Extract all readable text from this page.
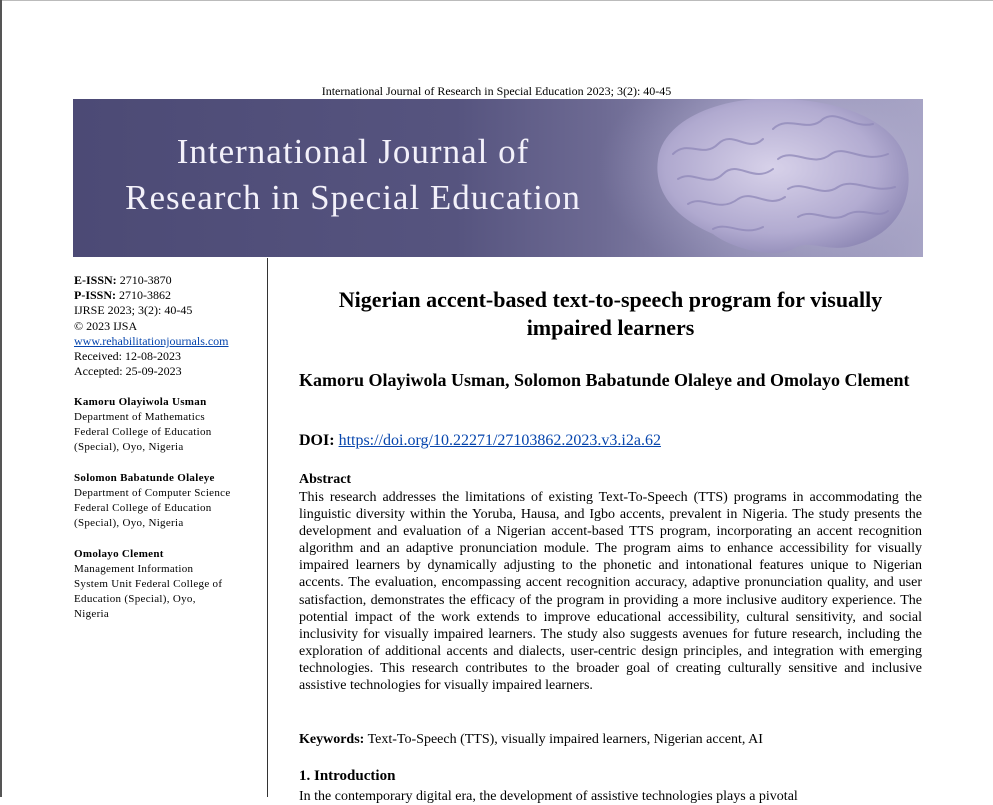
International Journal of Research in Special Education 2023; 3(2): 40-45
International Journal of
Research in Special Education
E-ISSN: 2710-3870
P-ISSN: 2710-3862
IJRSE 2023; 3(2): 40-45
© 2023 IJSA
www.rehabilitationjournals.com
Received: 12-08-2023
Accepted: 25-09-2023
Kamoru Olayiwola Usman
Department of Mathematics
Federal College of Education
(Special), Oyo, Nigeria
Solomon Babatunde Olaleye
Department of Computer Science
Federal College of Education
(Special), Oyo, Nigeria
Omolayo Clement
Management Information
System Unit Federal College of
Education (Special), Oyo,
Nigeria
Nigerian accent-based text-to-speech program for visually impaired learners
Kamoru Olayiwola Usman, Solomon Babatunde Olaleye and Omolayo Clement
DOI: https://doi.org/10.22271/27103862.2023.v3.i2a.62
Abstract
This research addresses the limitations of existing Text-To-Speech (TTS) programs in accommodating the linguistic diversity within the Yoruba, Hausa, and Igbo accents, prevalent in Nigeria. The study presents the development and evaluation of a Nigerian accent-based TTS program, incorporating an accent recognition algorithm and an adaptive pronunciation module. The program aims to enhance accessibility for visually impaired learners by dynamically adjusting to the phonetic and intonational features unique to Nigerian accents. The evaluation, encompassing accent recognition accuracy, adaptive pronunciation quality, and user satisfaction, demonstrates the efficacy of the program in providing a more inclusive auditory experience. The potential impact of the work extends to improve educational accessibility, cultural sensitivity, and social inclusivity for visually impaired learners. The study also suggests avenues for future research, including the exploration of additional accents and dialects, user-centric design principles, and integration with emerging technologies. This research contributes to the broader goal of creating culturally sensitive and inclusive assistive technologies for visually impaired learners.
Keywords: Text-To-Speech (TTS), visually impaired learners, Nigerian accent, AI
1. Introduction
In the contemporary digital era, the development of assistive technologies plays a pivotal
